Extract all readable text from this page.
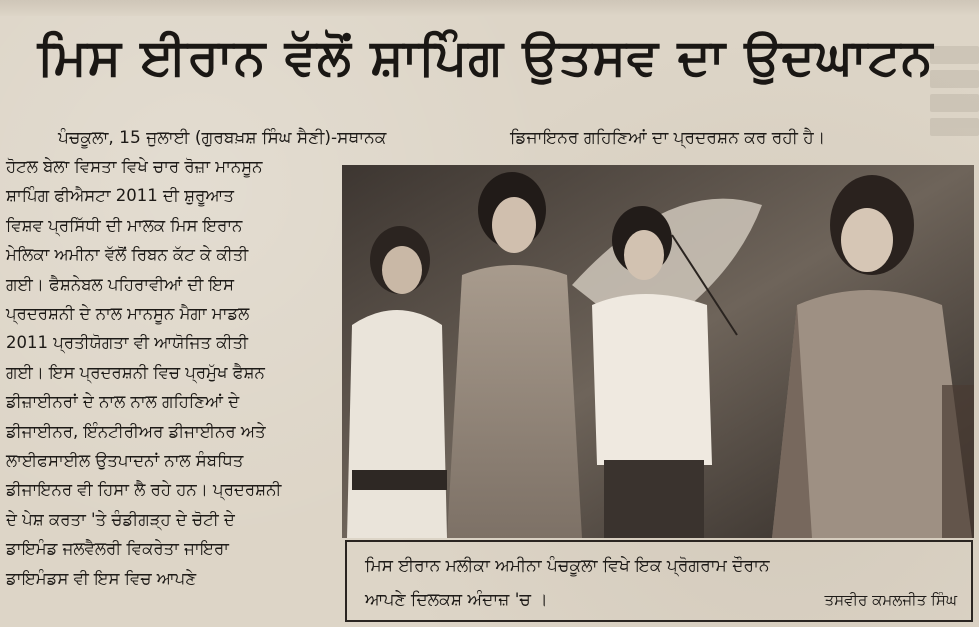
ਮਿਸ ਈਰਾਨ ਵੱਲੋਂ ਸ਼ਾਪਿੰਗ ਉਤਸਵ ਦਾ ਉਦਘਾਟਨ
ਪੰਚਕੂਲਾ, 15 ਜੁਲਾਈ (ਗੁਰਬਖ਼ਸ਼ ਸਿੰਘ ਸੈਣੀ)-ਸਥਾਨਕ	ਡਿਜਾਇਨਰ ਗਹਿਣਿਆਂ ਦਾ ਪ੍ਰਦਰਸ਼ਨ ਕਰ ਰਹੀ ਹੈ।

ਹੋਟਲ ਬੇਲਾ ਵਿਸਤਾ ਵਿਖੇ ਚਾਰ ਰੋਜ਼ਾ ਮਾਨਸੂਨ

ਸ਼ਾਪਿੰਗ ਫੀਐਸਟਾ 2011 ਦੀ ਸ਼ੁਰੂਆਤ

ਵਿਸ਼ਵ ਪ੍ਰਸਿੱਧੀ ਦੀ ਮਾਲਕ ਮਿਸ ਇਰਾਨ

ਮੇਲਿਕਾ ਅਮੀਨਾ ਵੱਲੋਂ ਰਿਬਨ ਕੱਟ ਕੇ ਕੀਤੀ

ਗਈ। ਫੈਸ਼ਨੇਬਲ ਪਹਿਰਾਵੀਆਂ ਦੀ ਇਸ

ਪ੍ਰਦਰਸ਼ਨੀ ਦੇ ਨਾਲ ਮਾਨਸੂਨ ਮੈਗਾ ਮਾਡਲ

2011 ਪ੍ਰਤੀਯੋਗਤਾ ਵੀ ਆਯੋਜਿਤ ਕੀਤੀ

ਗਈ। ਇਸ ਪ੍ਰਦਰਸ਼ਨੀ ਵਿਚ ਪ੍ਰਮੁੱਖ ਫੈਸ਼ਨ

ਡੀਜ਼ਾਈਨਰਾਂ ਦੇ ਨਾਲ ਨਾਲ ਗਹਿਣਿਆਂ ਦੇ

ਡੀਜਾਈਨਰ, ਇੰਨਟੀਰੀਅਰ ਡੀਜਾਈਨਰ ਅਤੇ

ਲਾਈਫਸਾਈਲ ਉਤਪਾਦਨਾਂ ਨਾਲ ਸੰਬਧਿਤ

ਡੀਜਾਇਨਰ ਵੀ ਹਿਸਾ ਲੈ ਰਹੇ ਹਨ। ਪ੍ਰਦਰਸ਼ਨੀ

ਦੇ ਪੇਸ਼ ਕਰਤਾ 'ਤੇ ਚੰਡੀਗੜ੍ਹ ਦੇ ਚੋਟੀ ਦੇ

ਡਾਇਮੰਡ ਜਲਵੈਲਰੀ ਵਿਕਰੇਤਾ ਜਾਇਰਾ

ਡਾਇਮੰਡਸ ਵੀ ਇਸ ਵਿਚ ਆਪਣੇ

ਮਿਸ ਈਰਾਨ ਮਲੀਕਾ ਅਮੀਨਾ ਪੰਚਕੂਲਾ ਵਿਖੇ ਇਕ ਪ੍ਰੋਗਰਾਮ ਦੌਰਾਨ
ਆਪਣੇ ਦਿਲਕਸ਼ ਅੰਦਾਜ਼ 'ਚ ।	ਤਸਵੀਰ ਕਮਲਜੀਤ ਸਿੰਘ
